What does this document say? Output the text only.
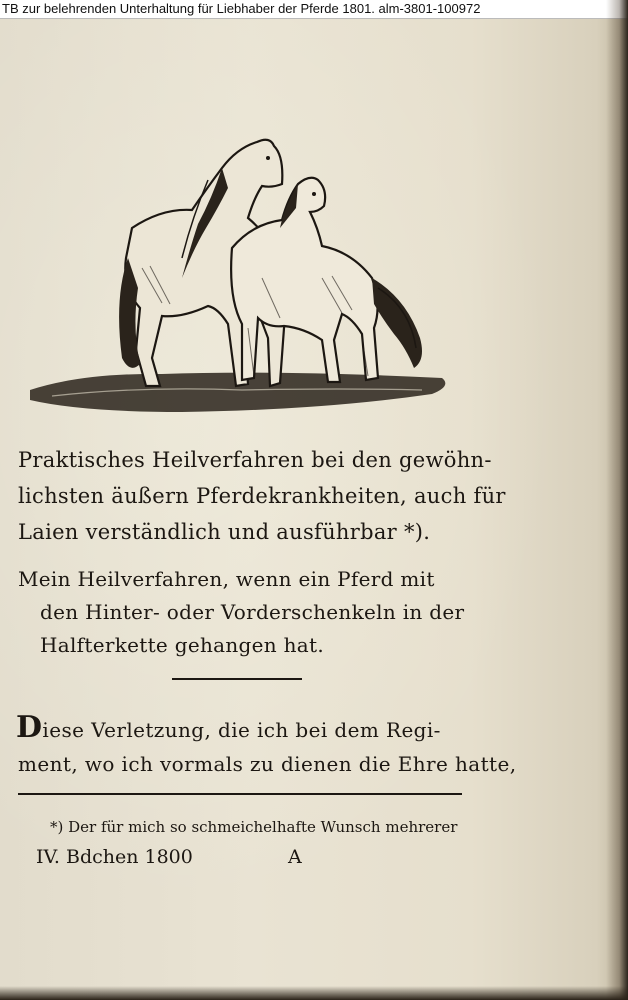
TB zur belehrenden Unterhaltung für Liebhaber der Pferde 1801. alm-3801-100972
Praktisches Heilverfahren bei den gewöhn-
lichsten äußern Pferdekrankheiten, auch für
Laien verständlich und ausführbar *).
Mein Heilverfahren, wenn ein Pferd mit
den Hinter- oder Vorderschenkeln in der
Halfterkette gehangen hat.
Diese Verletzung, die ich bei dem Regi-
ment, wo ich vormals zu dienen die Ehre hatte,
*) Der für mich so schmeichelhafte Wunsch mehrerer
IV. Bdchen 1800	A
